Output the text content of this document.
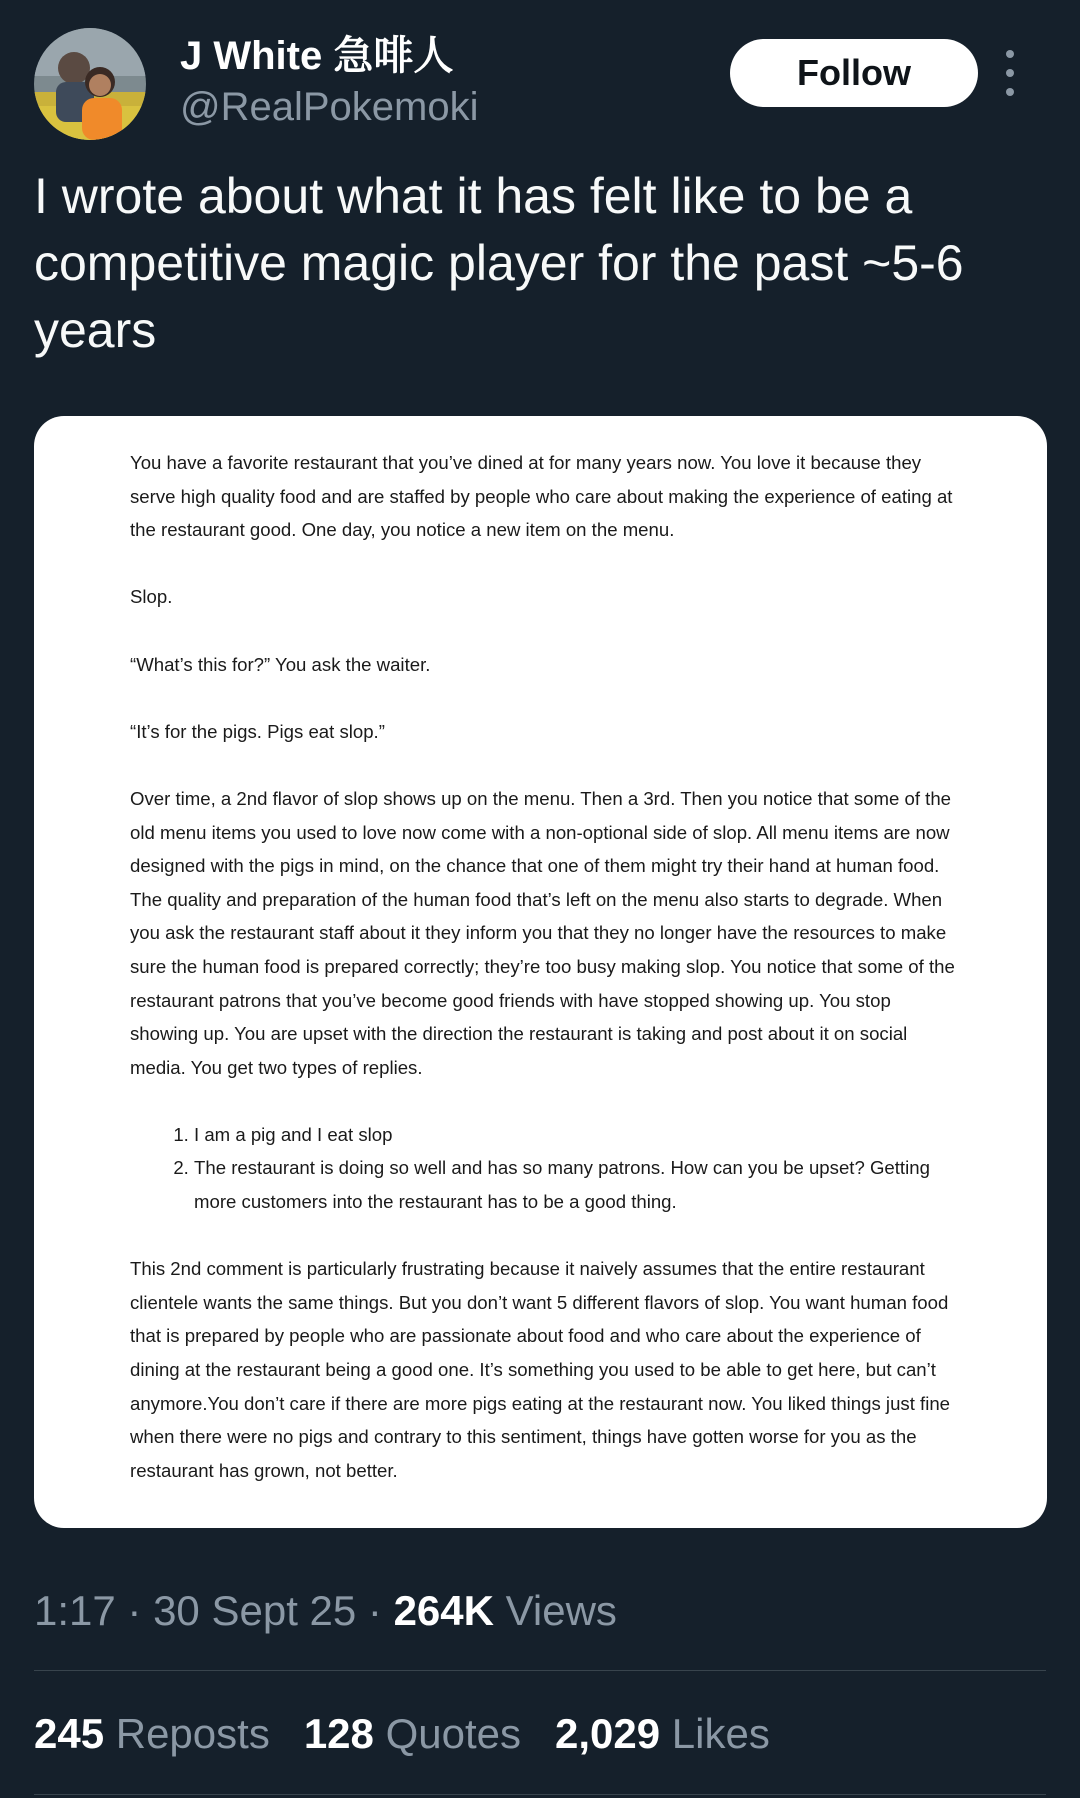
J White 急啡人
@RealPokemoki
Follow

I wrote about what it has felt like to be a competitive magic player for the past ~5-6 years

You have a favorite restaurant that you’ve dined at for many years now. You love it because they serve high quality food and are staffed by people who care about making the experience of eating at the restaurant good. One day, you notice a new item on the menu.

Slop.

“What’s this for?” You ask the waiter.

“It’s for the pigs. Pigs eat slop.”

Over time, a 2nd flavor of slop shows up on the menu. Then a 3rd. Then you notice that some of the old menu items you used to love now come with a non-optional side of slop. All menu items are now designed with the pigs in mind, on the chance that one of them might try their hand at human food. The quality and preparation of the human food that’s left on the menu also starts to degrade. When you ask the restaurant staff about it they inform you that they no longer have the resources to make sure the human food is prepared correctly; they’re too busy making slop. You notice that some of the restaurant patrons that you’ve become good friends with have stopped showing up. You stop showing up. You are upset with the direction the restaurant is taking and post about it on social media. You get two types of replies.

1. I am a pig and I eat slop
2. The restaurant is doing so well and has so many patrons. How can you be upset? Getting more customers into the restaurant has to be a good thing.

This 2nd comment is particularly frustrating because it naively assumes that the entire restaurant clientele wants the same things. But you don’t want 5 different flavors of slop. You want human food that is prepared by people who are passionate about food and who care about the experience of dining at the restaurant being a good one. It’s something you used to be able to get here, but can’t anymore.You don’t care if there are more pigs eating at the restaurant now. You liked things just fine when there were no pigs and contrary to this sentiment, things have gotten worse for you as the restaurant has grown, not better.

1:17 · 30 Sept 25 · 264K Views
245 Reposts 128 Quotes 2,029 Likes
